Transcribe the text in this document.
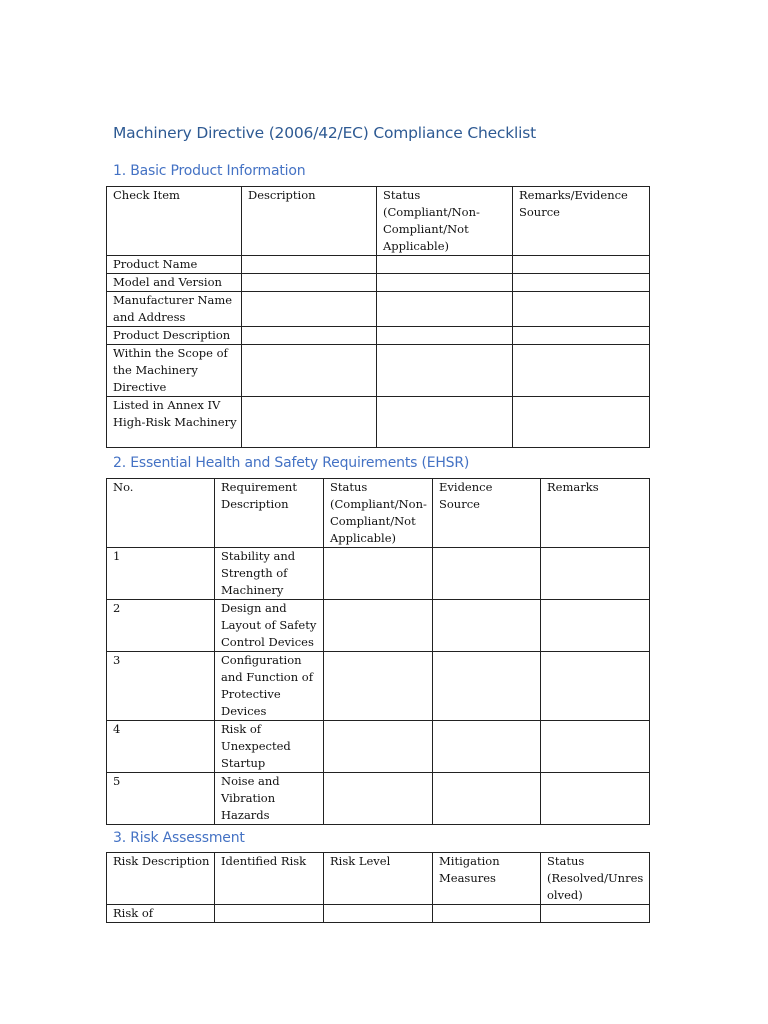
Machinery Directive (2006/42/EC) Compliance Checklist
1. Basic Product Information
Check Item	Description	Status (Compliant/Non-Compliant/Not Applicable)	Remarks/Evidence Source
Product Name			
Model and Version			
Manufacturer Name and Address			
Product Description			
Within the Scope of the Machinery Directive			
Listed in Annex IV High-Risk Machinery			
2. Essential Health and Safety Requirements (EHSR)
No.	Requirement Description	Status (Compliant/Non-Compliant/Not Applicable)	Evidence Source	Remarks
1	Stability and Strength of Machinery			
2	Design and Layout of Safety Control Devices			
3	Configuration and Function of Protective Devices			
4	Risk of Unexpected Startup			
5	Noise and Vibration Hazards			
3. Risk Assessment
Risk Description	Identified Risk	Risk Level	Mitigation Measures	Status (Resolved/Unresolved)
Risk of				
